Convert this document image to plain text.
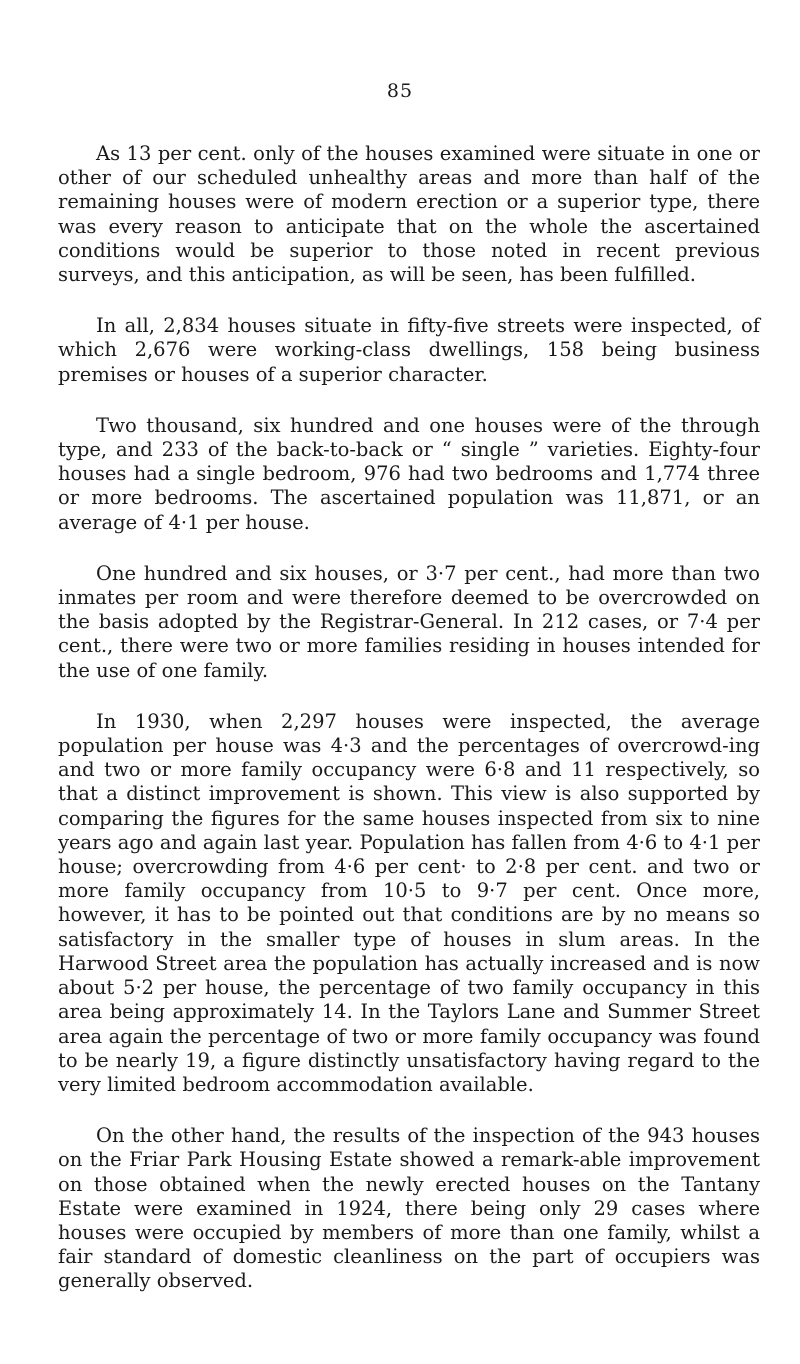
85

As 13 per cent. only of the houses examined were situate in one or other of our scheduled unhealthy areas and more than half of the remaining houses were of modern erection or a superior type, there was every reason to anticipate that on the whole the ascertained conditions would be superior to those noted in recent previous surveys, and this anticipation, as will be seen, has been fulfilled.

In all, 2,834 houses situate in fifty-five streets were inspected, of which 2,676 were working-class dwellings, 158 being business premises or houses of a superior character.

Two thousand, six hundred and one houses were of the through type, and 233 of the back-to-back or “ single ” varieties. Eighty-four houses had a single bedroom, 976 had two bedrooms and 1,774 three or more bedrooms. The ascertained population was 11,871, or an average of 4·1 per house.

One hundred and six houses, or 3·7 per cent., had more than two inmates per room and were therefore deemed to be overcrowded on the basis adopted by the Registrar-General. In 212 cases, or 7·4 per cent., there were two or more families residing in houses intended for the use of one family.

In 1930, when 2,297 houses were inspected, the average population per house was 4·3 and the percentages of overcrowd-ing and two or more family occupancy were 6·8 and 11 respectively, so that a distinct improvement is shown. This view is also supported by comparing the figures for the same houses inspected from six to nine years ago and again last year. Population has fallen from 4·6 to 4·1 per house; overcrowding from 4·6 per cent· to 2·8 per cent. and two or more family occupancy from 10·5 to 9·7 per cent. Once more, however, it has to be pointed out that conditions are by no means so satisfactory in the smaller type of houses in slum areas. In the Harwood Street area the population has actually increased and is now about 5·2 per house, the percentage of two family occupancy in this area being approximately 14. In the Taylors Lane and Summer Street area again the percentage of two or more family occupancy was found to be nearly 19, a figure distinctly unsatisfactory having regard to the very limited bedroom accommodation available.

On the other hand, the results of the inspection of the 943 houses on the Friar Park Housing Estate showed a remark-able improvement on those obtained when the newly erected houses on the Tantany Estate were examined in 1924, there being only 29 cases where houses were occupied by members of more than one family, whilst a fair standard of domestic cleanliness on the part of occupiers was generally observed.
